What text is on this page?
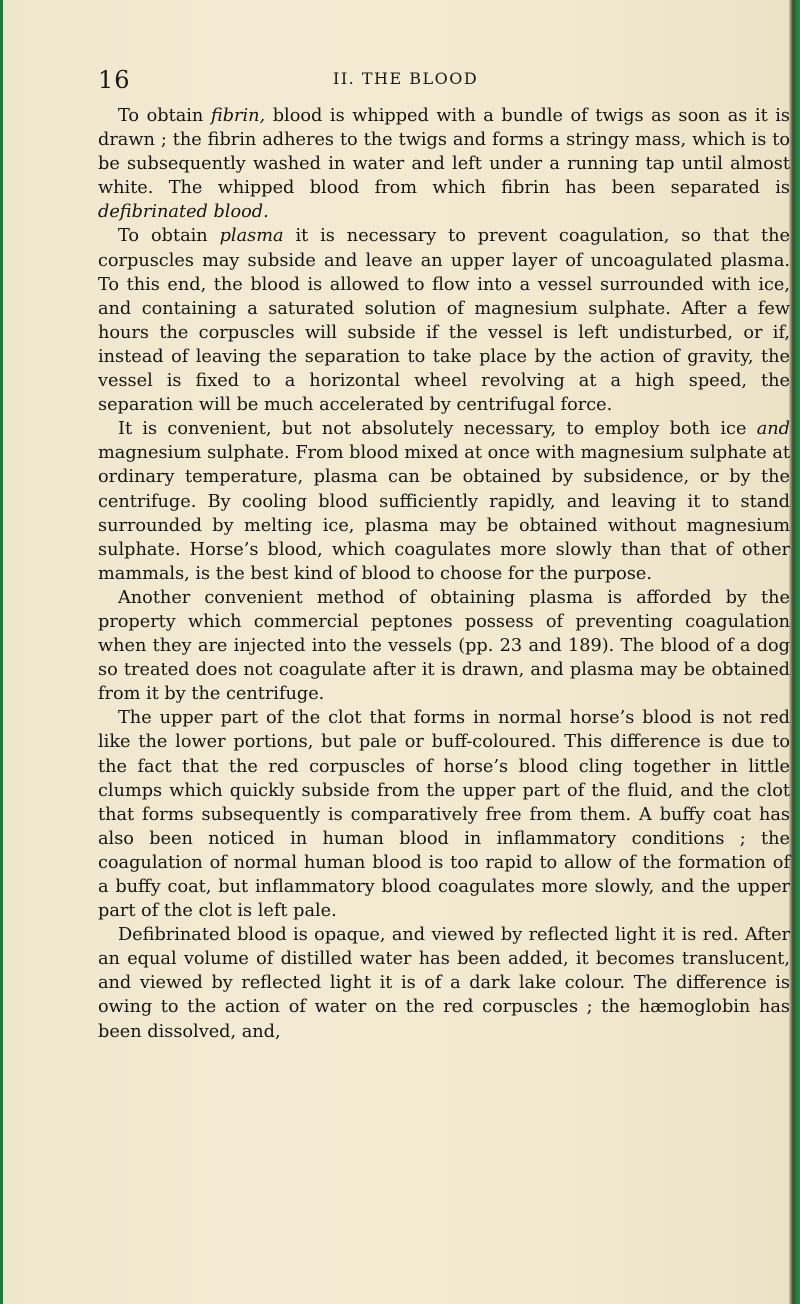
16	II. THE BLOOD

To obtain fibrin, blood is whipped with a bundle of twigs as soon as it is drawn ; the fibrin adheres to the twigs and forms a stringy mass, which is to be subsequently washed in water and left under a running tap until almost white. The whipped blood from which fibrin has been separated is defibrinated blood.

To obtain plasma it is necessary to prevent coagulation, so that the corpuscles may subside and leave an upper layer of uncoagulated plasma. To this end, the blood is allowed to flow into a vessel surrounded with ice, and containing a saturated solution of magnesium sulphate. After a few hours the corpuscles will subside if the vessel is left undisturbed, or if, instead of leaving the separation to take place by the action of gravity, the vessel is fixed to a horizontal wheel revolving at a high speed, the separation will be much accelerated by centrifugal force.

It is convenient, but not absolutely necessary, to employ both ice and magnesium sulphate. From blood mixed at once with magnesium sulphate at ordinary temperature, plasma can be obtained by subsidence, or by the centrifuge. By cooling blood sufficiently rapidly, and leaving it to stand surrounded by melting ice, plasma may be obtained without magnesium sulphate. Horse’s blood, which coagulates more slowly than that of other mammals, is the best kind of blood to choose for the purpose.

Another convenient method of obtaining plasma is afforded by the property which commercial peptones possess of preventing coagulation when they are injected into the vessels (pp. 23 and 189). The blood of a dog so treated does not coagulate after it is drawn, and plasma may be obtained from it by the centrifuge.

The upper part of the clot that forms in normal horse’s blood is not red like the lower portions, but pale or buff-coloured. This difference is due to the fact that the red corpuscles of horse’s blood cling together in little clumps which quickly subside from the upper part of the fluid, and the clot that forms subsequently is comparatively free from them. A buffy coat has also been noticed in human blood in inflammatory conditions ; the coagulation of normal human blood is too rapid to allow of the formation of a buffy coat, but inflammatory blood coagulates more slowly, and the upper part of the clot is left pale.

Defibrinated blood is opaque, and viewed by reflected light it is red. After an equal volume of distilled water has been added, it becomes translucent, and viewed by reflected light it is of a dark lake colour. The difference is owing to the action of water on the red corpuscles ; the hæmoglobin has been dissolved, and,
